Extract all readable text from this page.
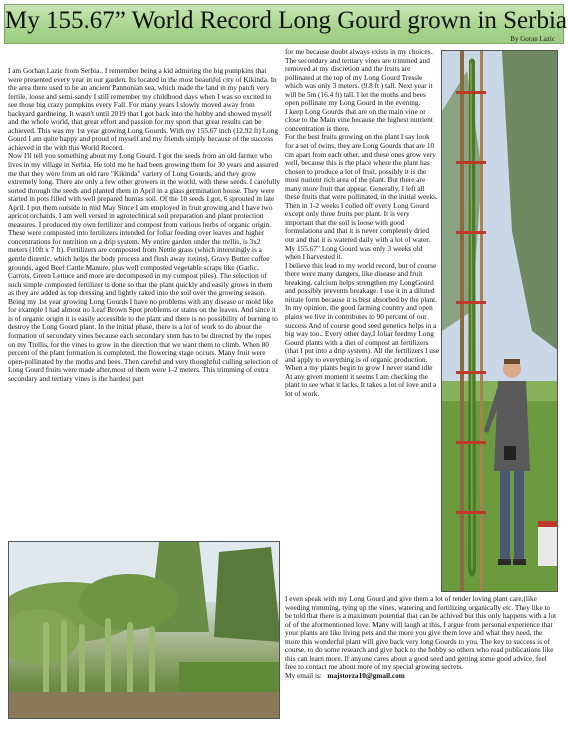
My 155.67” World Record Long Gourd grown in Serbia
By Goran Lazic

I am Gorhan Lazic from Serbia.. I remember being a kid admiring the big pumpkins that were presented every year in our garden. Its located in the most beautiful city of Kikinda. In the area there used to be an ancient Pannonian sea, which made the land in my patch very fertile, loose and semi-sandy I still remember my childhood days when I was so excited to see those big crazy pumpkins every Fall. For many years I slowly moved away from backyard gardneing. It wasn't until 2019 that I got back into the hobby and showed myself and the whole world, that great effort and passion for my sport that great results can be achieved. This was my 1st year growing Long Gourds. With my 155.67 inch (12.92 ft) Long Gourd I am quite happy and proud of myself and my friends simply because of the success achieved in the with this World Record.
Now I'll tell you something about my Long Gourd. I got the seeds from an old farmer who lives in my village in Serbia. He told me he had been growing them for 30 years and assured me that they were from an old rare "Kikinda" variety of Long Gourds, and they grow extremely long. There are only a few other growers in the world, with these seeds. I carefully sorted through the seeds and planted them in April in a glass germination house. They were started in pots filled with well prepared humas soil. Of the 10 seeds I got, 6 sprouted in late April. I put them outside in mid May Since I am employed in fruit growing and I have two apricot orchards, I am well versed in agrotechnical soil preparation and plant protection measures. I produced my own fertilizer and compost from various herbs of organic origin. These were composted into fertilizers intended for foliar feeding over leaves and higher concentrations for nutrition on a drip system. My entire garden under the trellis, is 3x2 meters (10ft x 7 ft). Fertilizers are composted from Nettle grass (which interstingly is a gentle diuretic, which helps the body process and flush away toxins), Gravy Butter coffee grounds, aged Beef Cattle Manure, plus well composted vegetable scraps like (Garlic, Carrots, Green Lettuce and more are decomposed in my compost piles). The selection of such simple composted fertilizer is done so that the plant quickly and easily grows in them as they are added as top dressing and lightly raked into the soil over the growing season. Being my 1st year growing Long Gourds I have no problems with any disease or mold like for example I had almost no Leaf Brown Spot problems or stains on the leaves. And since it is of organic origin it is easily accessible to the plant and there is no possibility of burning to destroy the Long Gourd plant. In the initial phase, there is a lot of work to do about the formation of secondary vines because each secondary stem has to be directed by the ropes on my Trellis, for the vines to grow in the direction that we want them to climb. When 80 percent of the plant formation is completed, the flowering stage occurs. Many fruit were open-pollinated by the moths and bees. Then careful and very thoughtful culling selection of Long Gourd fruits were made after,most of them were 1-2 meters. This trimming of extra secondary and tertiary vines is the hardest part

for me because doubt always exists in my choices.. The secondary and tertiary vines are trimmed and removed at my discretion and the fruits are pollinated at the top of my Long Gourd Tressle which was only 3 meters. (9.8 ft ) tall. Next year it will be 5m (16.4 ft) tall. I let the moths and bees open pollinate my Long Gourd in the evening.
I keep Long Gourds that are on the main vine or close to the Main vine because the highest nutrient concentration is there.
For the best fruits growing on the plant I say look for a set of twins, they are Long Gourds that are 10 cm apart from each other, and these ones grow very well, because this is the place where the plant has chosen to produce a lot of fruit, possibly it is the most nurient rich area of the plant. But there are many more fruit that appear. Generally, I left all these fruits that were pollinated, in the initial weeks. Then in 1-2 weeks I culled off every Long Gourd except only three fruits per plant. It is very important that the soil is loose with good formulations and that it is never completely dried out and that it is watered daily with a lot of water. My 155.67" Long Gourd was only 3 weeks old when I harvested it.
I believe this lead to my world record, but of course there were many dangers, like disease and fruit breaking. calcium helps strengthen my LongGourd and possibly prevents breakage. I use it in a diluted nitrate form because it is best absorbed by the plant. In my opinion, the good farming country and open plains we live in contributes to 90 percent of our success And of course good seed genetics helps in a big way too.. Every other day,I foliar feedmy Long Gourd plants with a diet of compost an fertilizers (that I put into a drip system). All the fertilizers I use and apply to everything is of organic production. When a my plants begin to grow I never stand idle At any given moment it seems I am checking the plant to see what it lacks. It takes a lot of love and a lot of work.

I even speak with my Long Gourd and give them a lot of tender loving plant care,(like weeding trimming, tying up the vines, watering and fertilizing organically etc. They like to be told that there is a maximum potential that can be achived but this only happens with a lot of of the aformentioned love. Many will laugh at this, I argue from personal experience that your plants are like living pets and the more you give them love and what they need, the more this wonderful plant will give back very long Gourds to you. The key to success is of course, to do some research and give back to the hobby so others who read publications like this can learn more. If anyone cares about a good seed and getting some good advice, feel free to contact me about more of my special growing secrets.
My email is: majstorza10@gmail.com
